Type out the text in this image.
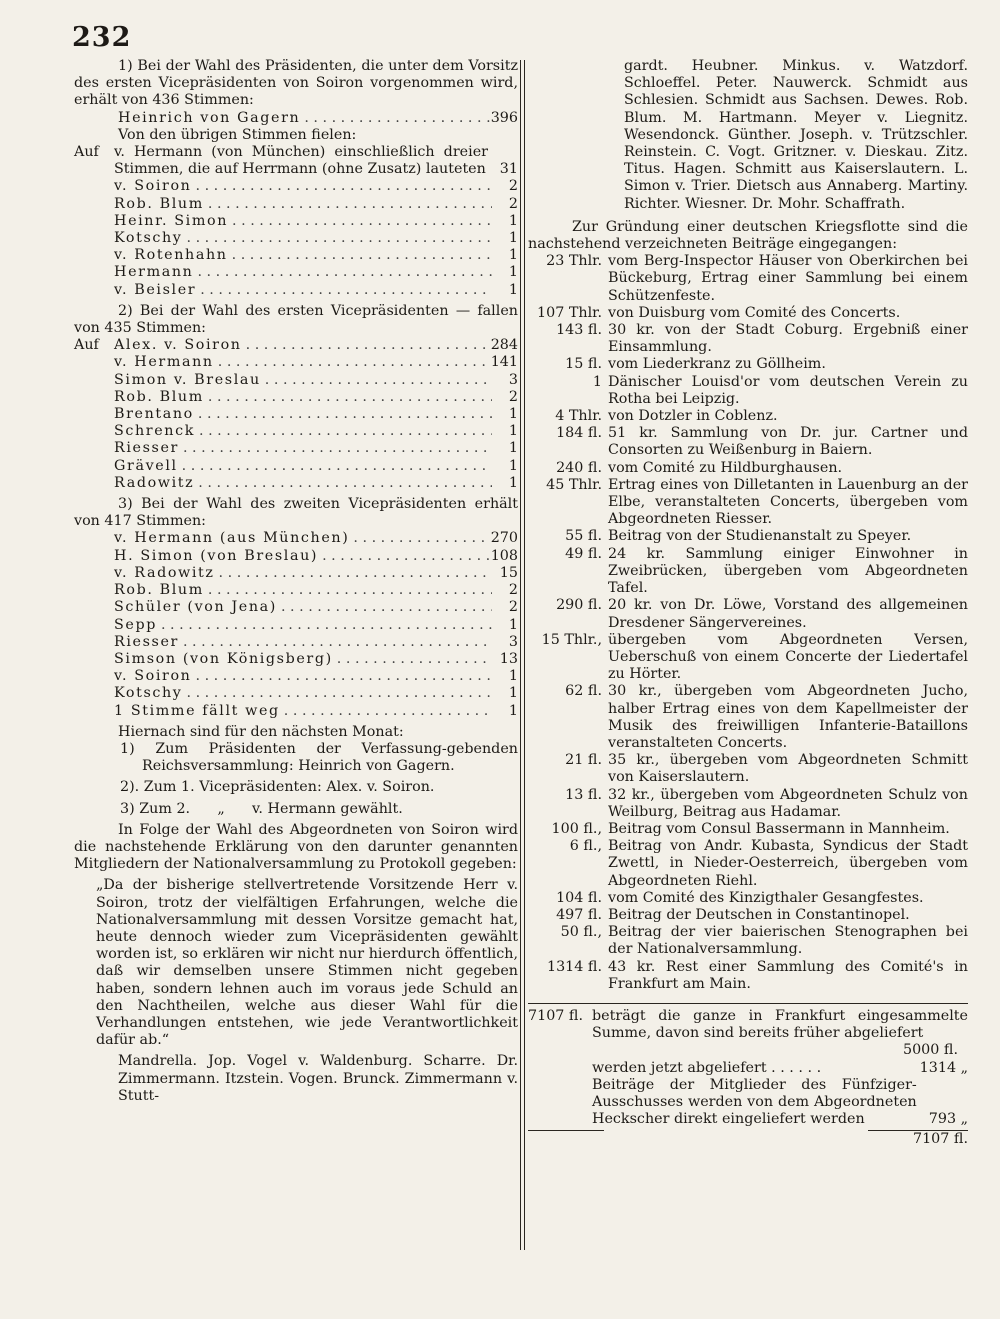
232

1) Bei der Wahl des Präsidenten, die unter dem Vorsitz des ersten Vicepräsidenten von Soiron vorgenommen wird, erhält von 436 Stimmen:

Heinrich von Gagern . . .	396

Von den übrigen Stimmen fielen:

Auf	v. Hermann (von München) einschließlich dreier Stimmen, die auf Herrmann (ohne Zusatz) lauteten 31
v. Soiron . . .	2
Rob. Blum . . .	2
Heinr. Simon . . .	1
Kotschy . . .	1
v. Rotenhahn . . .	1
Hermann . . .	1
v. Beisler . . .	1

2) Bei der Wahl des ersten Vicepräsidenten — fallen von 435 Stimmen:

Auf	Alex. v. Soiron . . .	284
v. Hermann . . .	141
Simon v. Breslau . . .	3
Rob. Blum . . .	2
Brentano . . .	1
Schrenck . . .	1
Riesser . . .	1
Grävell . . .	1
Radowitz . . .	1

3) Bei der Wahl des zweiten Vicepräsidenten erhält von 417 Stimmen:

v. Hermann (aus München) . . .	270
H. Simon (von Breslau) . . .	108
v. Radowitz . . .	15
Rob. Blum . . .	2
Schüler (von Jena) . . .	2
Sepp . . .	1
Riesser . . .	3
Simson (von Königsberg) . . .	13
v. Soiron . . .	1
Kotschy . . .	1
1 Stimme fällt weg . . .	1

Hiernach sind für den nächsten Monat:

1) Zum Präsidenten der Verfassung-gebenden Reichsversammlung: Heinrich von Gagern.

2). Zum 1. Vicepräsidenten: Alex. v. Soiron.

3) Zum 2.      „      v. Hermann gewählt.

In Folge der Wahl des Abgeordneten von Soiron wird die nachstehende Erklärung von den darunter genannten Mitgliedern der Nationalversammlung zu Protokoll gegeben:

„Da der bisherige stellvertretende Vorsitzende Herr v. Soiron, trotz der vielfältigen Erfahrungen, welche die Nationalversammlung mit dessen Vorsitze gemacht hat, heute dennoch wieder zum Vicepräsidenten gewählt worden ist, so erklären wir nicht nur hierdurch öffentlich, daß wir demselben unsere Stimmen nicht gegeben haben, sondern lehnen auch im voraus jede Schuld an den Nachtheilen, welche aus dieser Wahl für die Verhandlungen entstehen, wie jede Verantwortlichkeit dafür ab.“

Mandrella. Jop. Vogel v. Waldenburg. Scharre. Dr. Zimmermann. Itzstein. Vogen. Brunck. Zimmermann v. Stutt-

gardt. Heubner. Minkus. v. Watzdorf. Schloeffel. Peter. Nauwerck. Schmidt aus Schlesien. Schmidt aus Sachsen. Dewes. Rob. Blum. M. Hartmann. Meyer v. Liegnitz. Wesendonck. Günther. Joseph. v. Trützschler. Reinstein. C. Vogt. Gritzner. v. Dieskau. Zitz. Titus. Hagen. Schmitt aus Kaiserslautern. L. Simon v. Trier. Dietsch aus Annaberg. Martiny. Richter. Wiesner. Dr. Mohr. Schaffrath.

Zur Gründung einer deutschen Kriegsflotte sind die nachstehend verzeichneten Beiträge eingegangen:

23 Thlr. vom Berg-Inspector Häuser von Oberkirchen bei Bückeburg, Ertrag einer Sammlung bei einem Schützenfeste.
107 Thlr. von Duisburg vom Comité des Concerts.
143 fl. 30 kr. von der Stadt Coburg. Ergebniß einer Einsammlung.
15 fl. vom Liederkranz zu Göllheim.
1 Dänischer Louisd'or vom deutschen Verein zu Rotha bei Leipzig.
4 Thlr. von Dotzler in Coblenz.
184 fl. 51 kr. Sammlung von Dr. jur. Cartner und Consorten zu Weißenburg in Baiern.
240 fl. vom Comité zu Hildburghausen.
45 Thlr. Ertrag eines von Dilletanten in Lauenburg an der Elbe, veranstalteten Concerts, übergeben vom Abgeordneten Riesser.
55 fl. Beitrag von der Studienanstalt zu Speyer.
49 fl. 24 kr. Sammlung einiger Einwohner in Zweibrücken, übergeben vom Abgeordneten Tafel.
290 fl. 20 kr. von Dr. Löwe, Vorstand des allgemeinen Dresdener Sängervereines.
15 Thlr., übergeben vom Abgeordneten Versen, Ueberschuß von einem Concerte der Liedertafel zu Hörter.
62 fl. 30 kr., übergeben vom Abgeordneten Jucho, halber Ertrag eines von dem Kapellmeister der Musik des freiwilligen Infanterie-Bataillons veranstalteten Concerts.
21 fl. 35 kr., übergeben vom Abgeordneten Schmitt von Kaiserslautern.
13 fl. 32 kr., übergeben vom Abgeordneten Schulz von Weilburg, Beitrag aus Hadamar.
100 fl., Beitrag vom Consul Bassermann in Mannheim.
6 fl., Beitrag von Andr. Kubasta, Syndicus der Stadt Zwettl, in Nieder-Oesterreich, übergeben vom Abgeordneten Riehl.
104 fl. vom Comité des Kinzigthaler Gesangfestes.
497 fl. Beitrag der Deutschen in Constantinopel.
50 fl., Beitrag der vier baierischen Stenographen bei der Nationalversammlung.
1314 fl. 43 kr. Rest einer Sammlung des Comité's in Frankfurt am Main.
7107 fl. beträgt die ganze in Frankfurt eingesammelte Summe, davon sind bereits früher abgeliefert

5000 fl.

werden jetzt abgeliefert . . . . . .	1314 „
Beiträge der Mitglieder des Fünfziger-Ausschusses werden von dem Abgeordneten Heckscher direkt eingeliefert werden	793 „
7107 fl.
